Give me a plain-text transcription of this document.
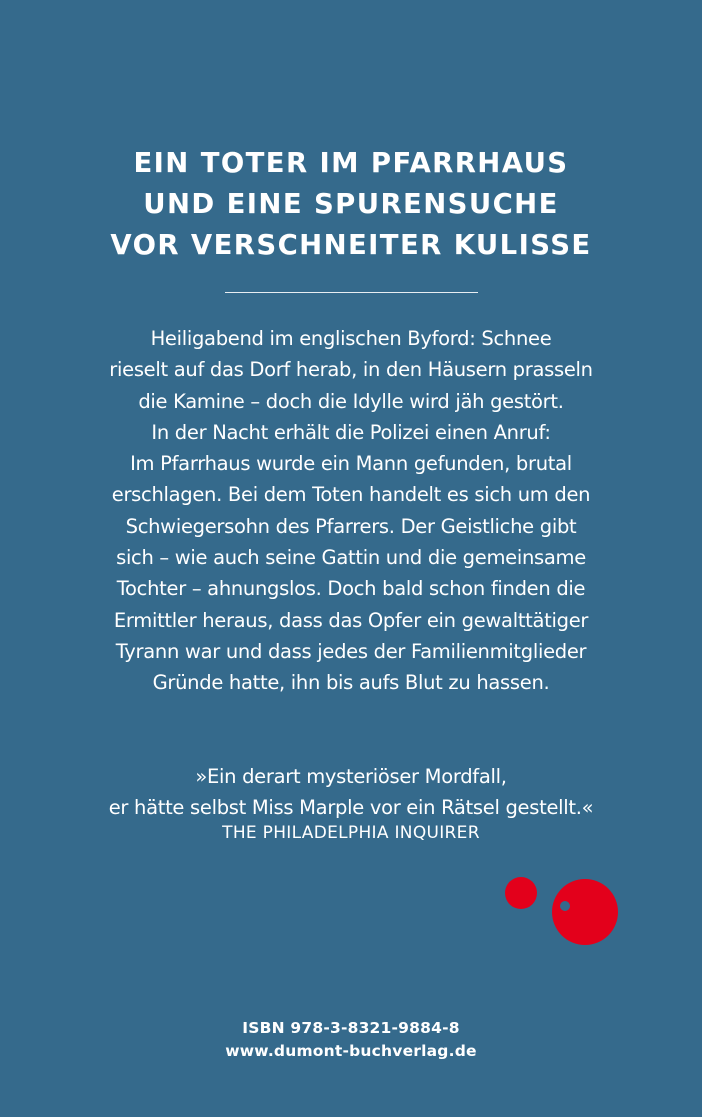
EIN TOTER IM PFARRHAUS
UND EINE SPURENSUCHE
VOR VERSCHNEITER KULISSE
Heiligabend im englischen Byford: Schnee
rieselt auf das Dorf herab, in den Häusern prasseln
die Kamine – doch die Idylle wird jäh gestört.
In der Nacht erhält die Polizei einen Anruf:
Im Pfarrhaus wurde ein Mann gefunden, brutal
erschlagen. Bei dem Toten handelt es sich um den
Schwiegersohn des Pfarrers. Der Geistliche gibt
sich – wie auch seine Gattin und die gemeinsame
Tochter – ahnungslos. Doch bald schon finden die
Ermittler heraus, dass das Opfer ein gewalttätiger
Tyrann war und dass jedes der Familienmitglieder
Gründe hatte, ihn bis aufs Blut zu hassen.
»Ein derart mysteriöser Mordfall,
er hätte selbst Miss Marple vor ein Rätsel gestellt.«
THE PHILADELPHIA INQUIRER
ISBN 978-3-8321-9884-8
www.dumont-buchverlag.de
